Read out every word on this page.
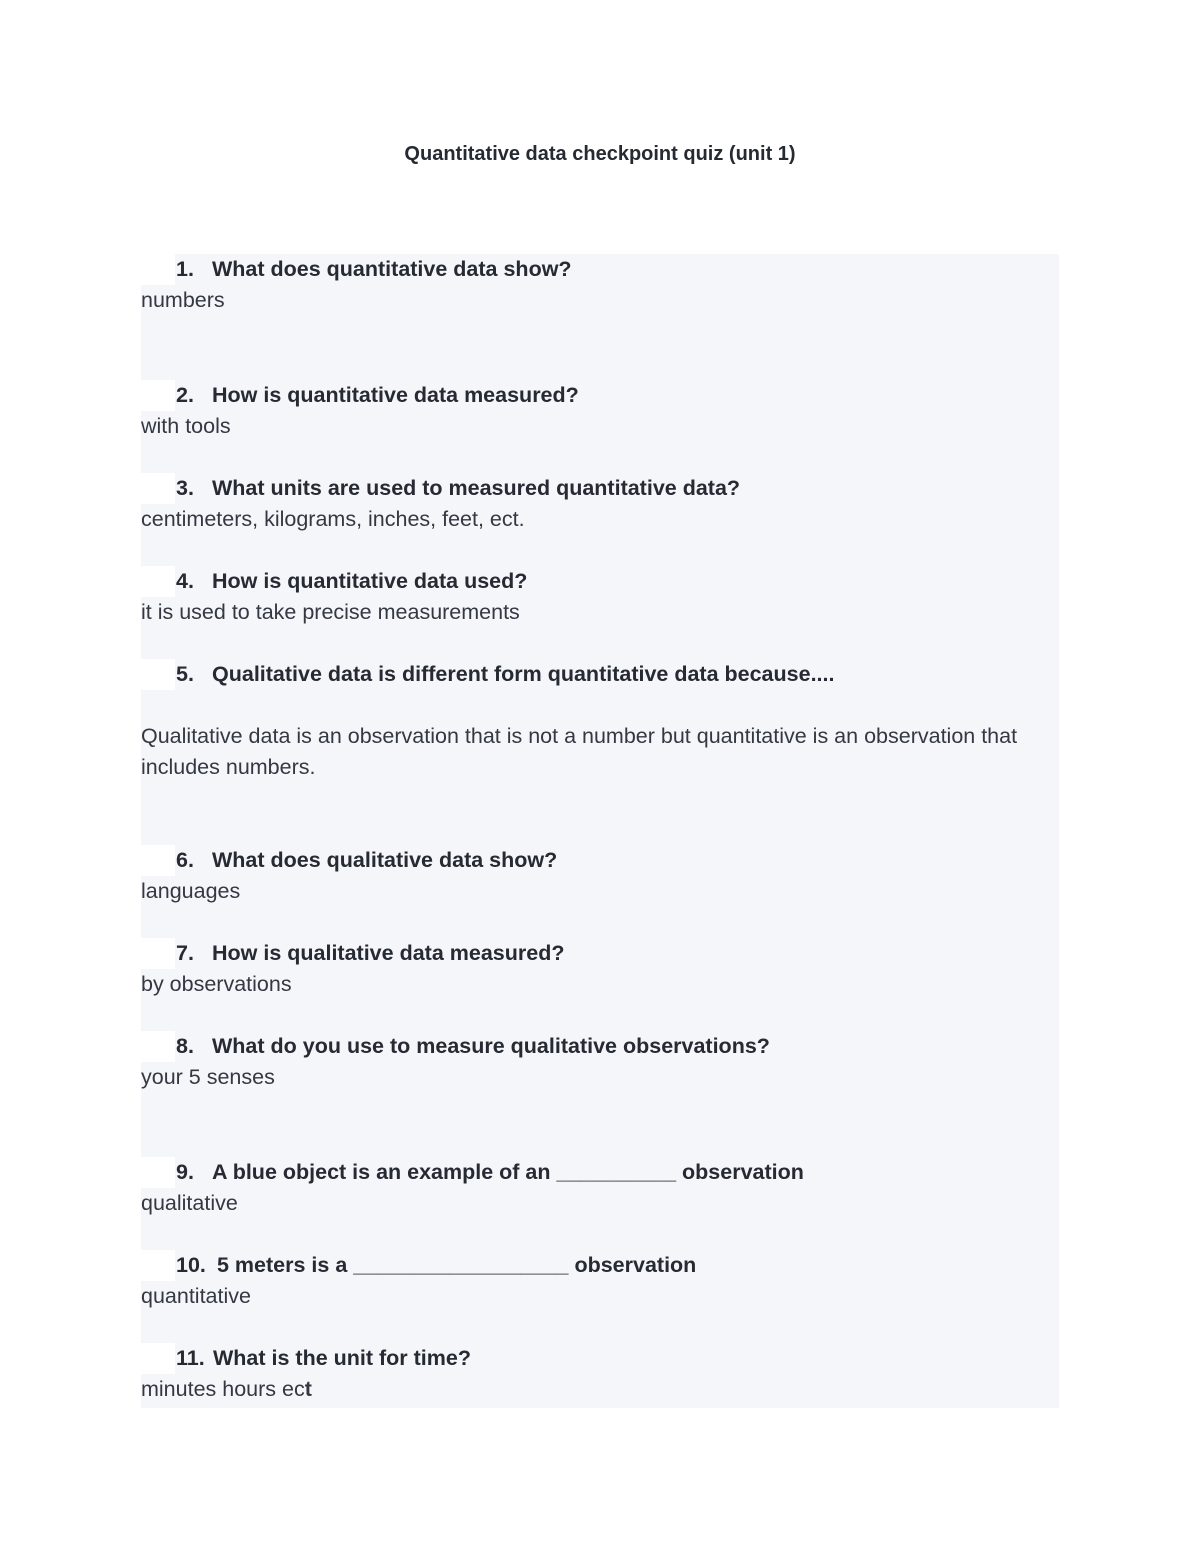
Quantitative data checkpoint quiz (unit 1)
1. What does quantitative data show?
numbers
2. How is quantitative data measured?
with tools
3. What units are used to measured quantitative data?
centimeters, kilograms, inches, feet, ect.
4. How is quantitative data used?
it is used to take precise measurements
5. Qualitative data is different form quantitative data because....
Qualitative data is an observation that is not a number but quantitative is an observation that includes numbers.
6. What does qualitative data show?
languages
7. How is qualitative data measured?
by observations
8. What do you use to measure qualitative observations?
your 5 senses
9. A blue object is an example of an __________ observation
qualitative
10. 5 meters is a __________________ observation
quantitative
11. What is the unit for time?
minutes hours ect
